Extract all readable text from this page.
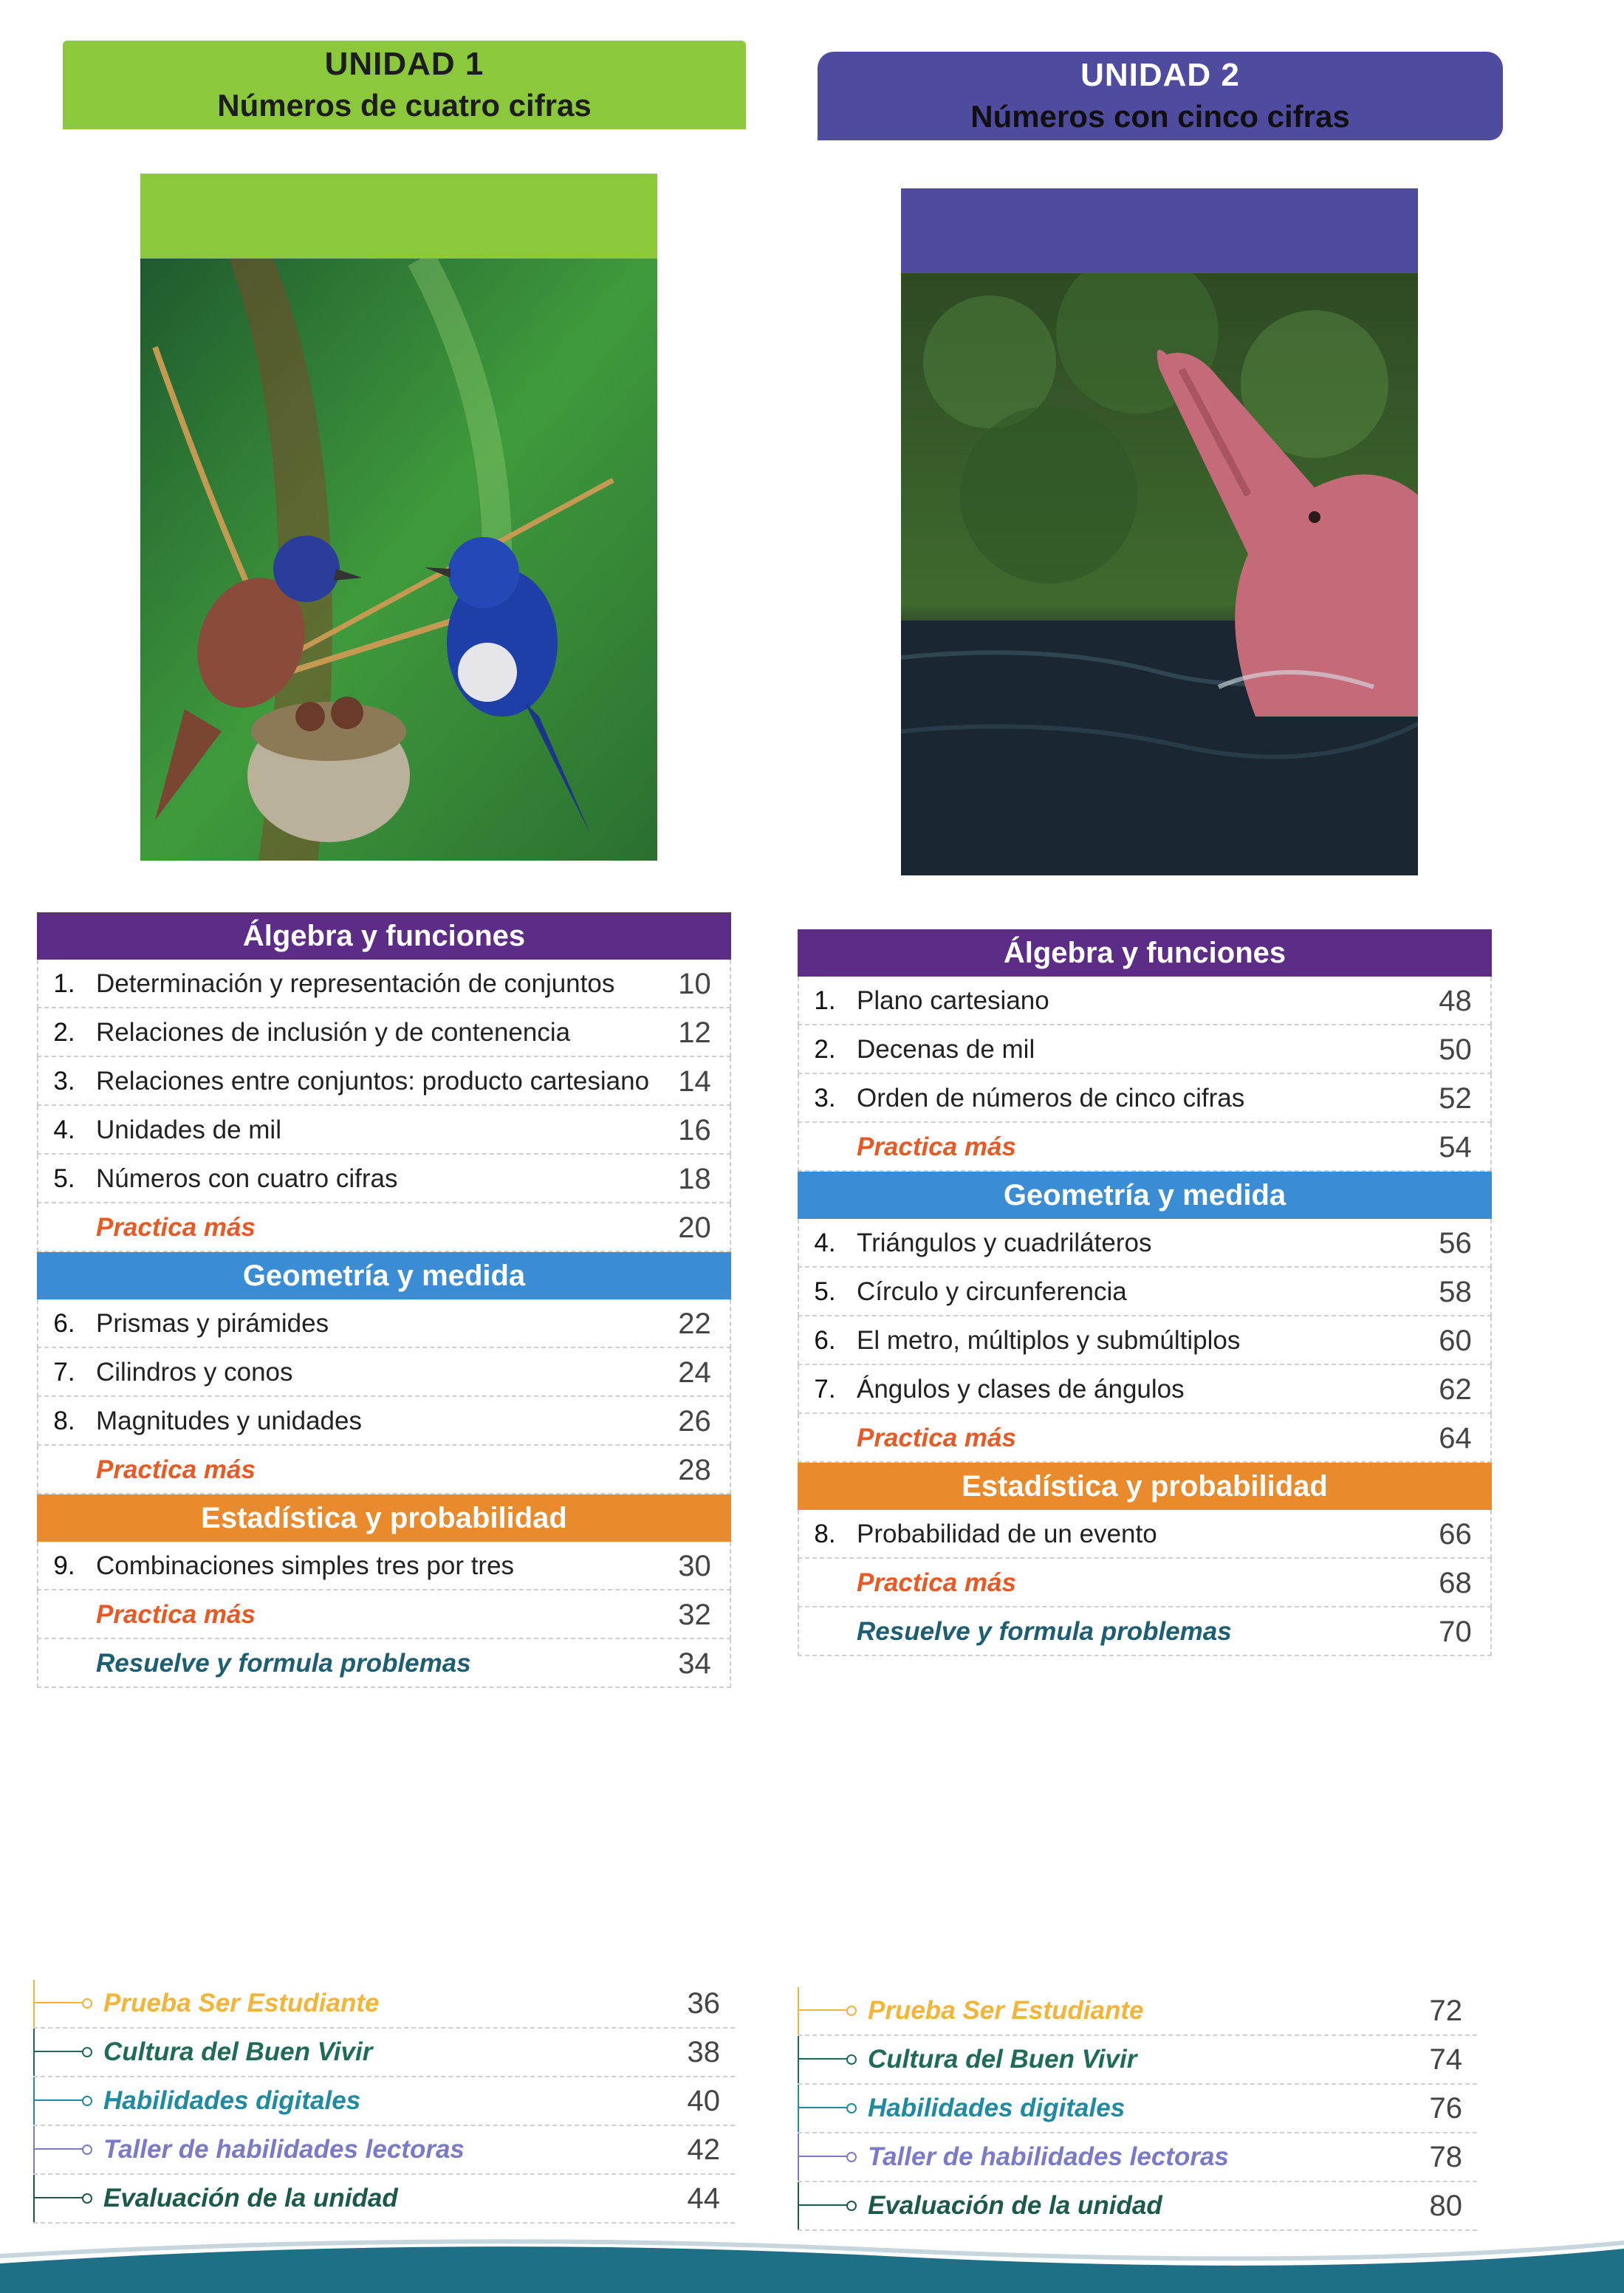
UNIDAD 1
Números de cuatro cifras
Álgebra y funciones
1. Determinación y representación de conjuntos	10
2. Relaciones de inclusión y de contenencia	12
3. Relaciones entre conjuntos: producto cartesiano 14
4. Unidades de mil	16
5. Números con cuatro cifras	18
Practica más	20
Geometría y medida
6. Prismas y pirámides	22
7. Cilindros y conos	24
8. Magnitudes y unidades	26
Practica más	28
Estadística y probabilidad
9. Combinaciones simples tres por tres	30
Practica más	32
Resuelve y formula problemas	34
Prueba Ser Estudiante	36
Cultura del Buen Vivir	38
Habilidades digitales	40
Taller de habilidades lectoras	42
Evaluación de la unidad	44
UNIDAD 2
Números con cinco cifras
Álgebra y funciones
1. Plano cartesiano	48
2. Decenas de mil	50
3. Orden de números de cinco cifras	52
Practica más	54
Geometría y medida
4. Triángulos y cuadriláteros	56
5. Círculo y circunferencia	58
6. El metro, múltiplos y submúltiplos	60
7. Ángulos y clases de ángulos	62
Practica más	64
Estadística y probabilidad
8. Probabilidad de un evento	66
Practica más	68
Resuelve y formula problemas	70
Prueba Ser Estudiante	72
Cultura del Buen Vivir	74
Habilidades digitales	76
Taller de habilidades lectoras	78
Evaluación de la unidad	80
